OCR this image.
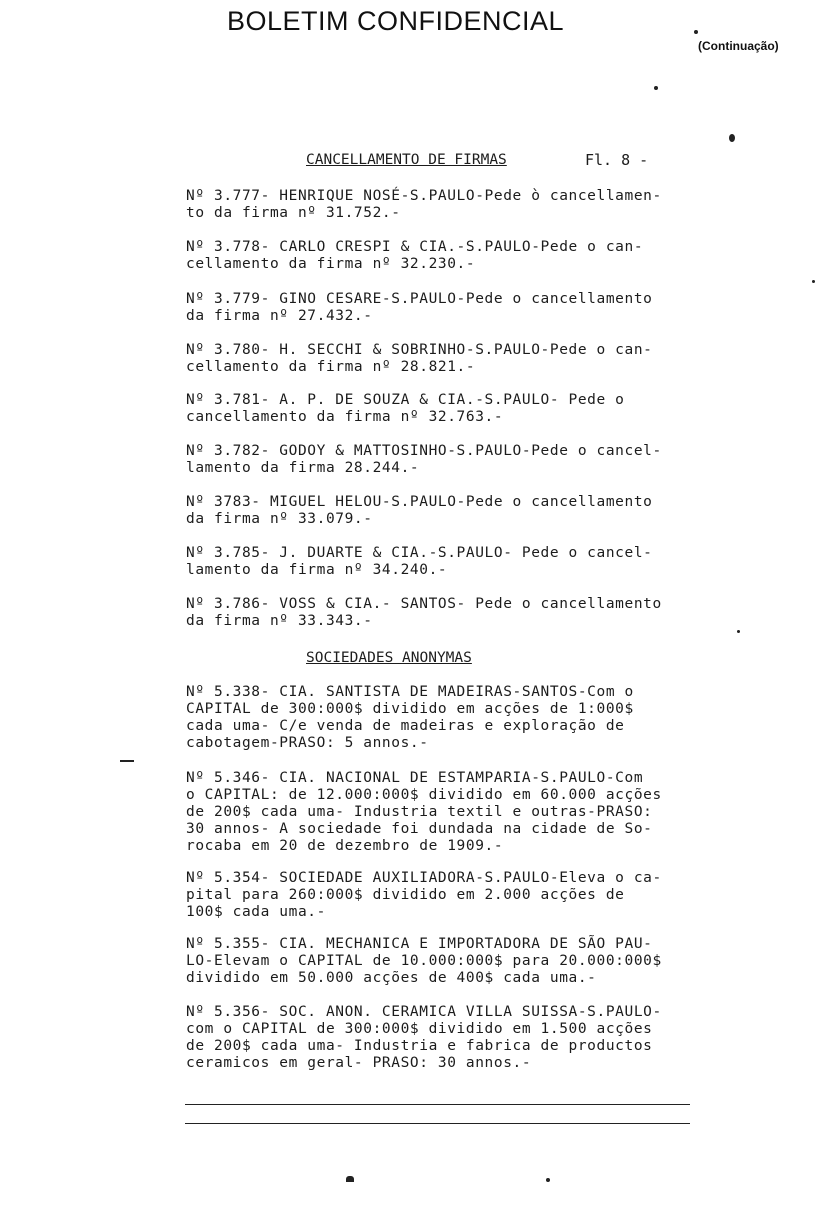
BOLETIM CONFIDENCIAL
(Continuação)
CANCELLAMENTO DE FIRMAS	Fl. 8 -
Nº 3.777- HENRIQUE NOSÉ-S.PAULO-Pede ò cancellamen-
to da firma nº 31.752.-
Nº 3.778- CARLO CRESPI & CIA.-S.PAULO-Pede o can-
cellamento da firma nº 32.230.-
Nº 3.779- GINO CESARE-S.PAULO-Pede o cancellamento
da firma nº 27.432.-
Nº 3.780- H. SECCHI & SOBRINHO-S.PAULO-Pede o can-
cellamento da firma nº 28.821.-
Nº 3.781- A. P. DE SOUZA & CIA.-S.PAULO- Pede o
cancellamento da firma nº 32.763.-
Nº 3.782- GODOY & MATTOSINHO-S.PAULO-Pede o cancel-
lamento da firma 28.244.-
Nº 3783- MIGUEL HELOU-S.PAULO-Pede o cancellamento
da firma nº 33.079.-
Nº 3.785- J. DUARTE & CIA.-S.PAULO- Pede o cancel-
lamento da firma nº 34.240.-
Nº 3.786- VOSS & CIA.- SANTOS- Pede o cancellamento
da firma nº 33.343.-
SOCIEDADES ANONYMAS
Nº 5.338- CIA. SANTISTA DE MADEIRAS-SANTOS-Com o
CAPITAL de 300:000$ dividido em acções de 1:000$
cada uma- C/e venda de madeiras e exploração de
cabotagem-PRASO: 5 annos.-
Nº 5.346- CIA. NACIONAL DE ESTAMPARIA-S.PAULO-Com
o CAPITAL: de 12.000:000$ dividido em 60.000 acções
de 200$ cada uma- Industria textil e outras-PRASO:
30 annos- A sociedade foi dundada na cidade de So-
rocaba em 20 de dezembro de 1909.-
Nº 5.354- SOCIEDADE AUXILIADORA-S.PAULO-Eleva o ca-
pital para 260:000$ dividido em 2.000 acções de
100$ cada uma.-
Nº 5.355- CIA. MECHANICA E IMPORTADORA DE SÃO PAU-
LO-Elevam o CAPITAL de 10.000:000$ para 20.000:000$
dividido em 50.000 acções de 400$ cada uma.-
Nº 5.356- SOC. ANON. CERAMICA VILLA SUISSA-S.PAULO-
com o CAPITAL de 300:000$ dividido em 1.500 acções
de 200$ cada uma- Industria e fabrica de productos
ceramicos em geral- PRASO: 30 annos.-
